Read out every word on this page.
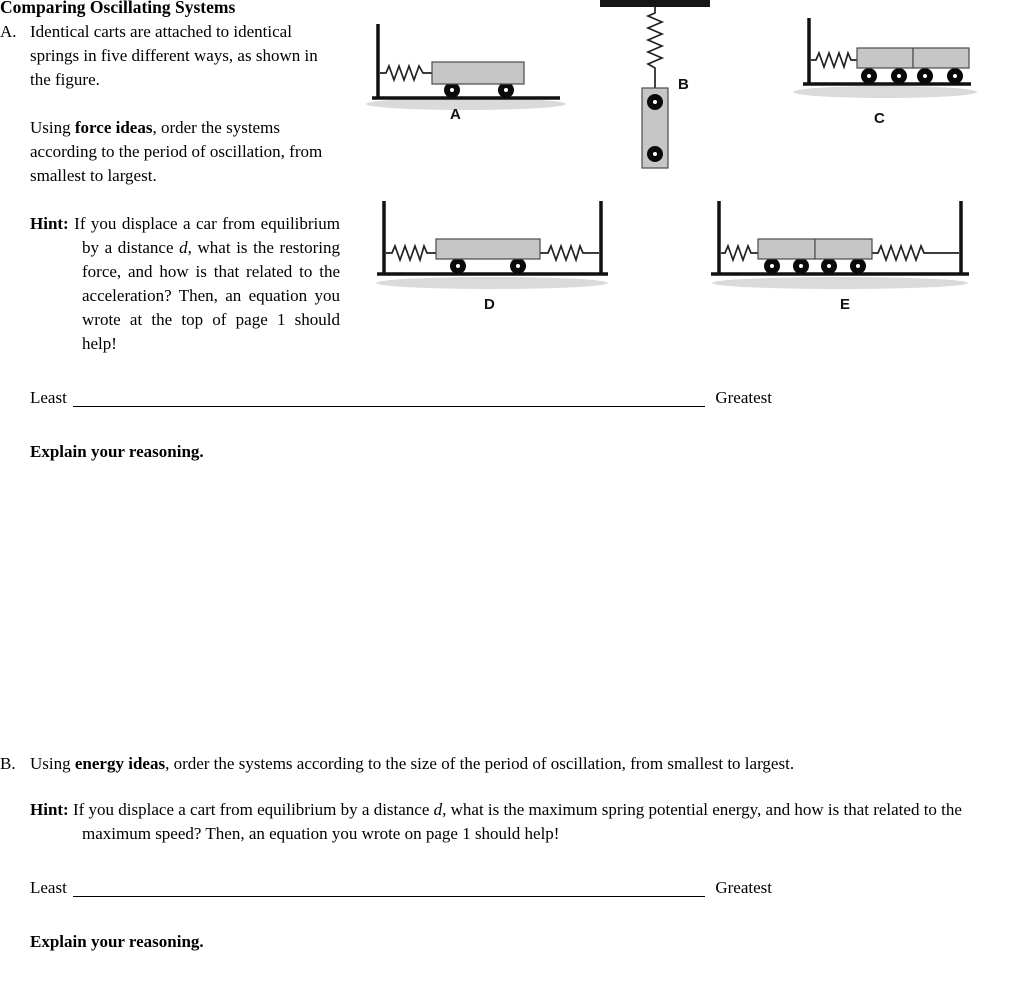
A
B
C
D	E
Comparing Oscillating Systems
A. Identical carts are attached to identical springs in five different ways, as shown in the figure.

Using force ideas, order the systems according to the period of oscillation, from smallest to largest.

Hint: If you displace a car from equilibrium by a distance d, what is the restoring force, and how is that related to the acceleration? Then, an equation you wrote at the top of page 1 should help!

Least	Greatest

Explain your reasoning.

B. Using energy ideas, order the systems according to the size of the period of oscillation, from smallest to largest.

Hint: If you displace a cart from equilibrium by a distance d, what is the maximum spring potential energy, and how is that related to the maximum speed? Then, an equation you wrote on page 1 should help!

Least	Greatest

Explain your reasoning.
